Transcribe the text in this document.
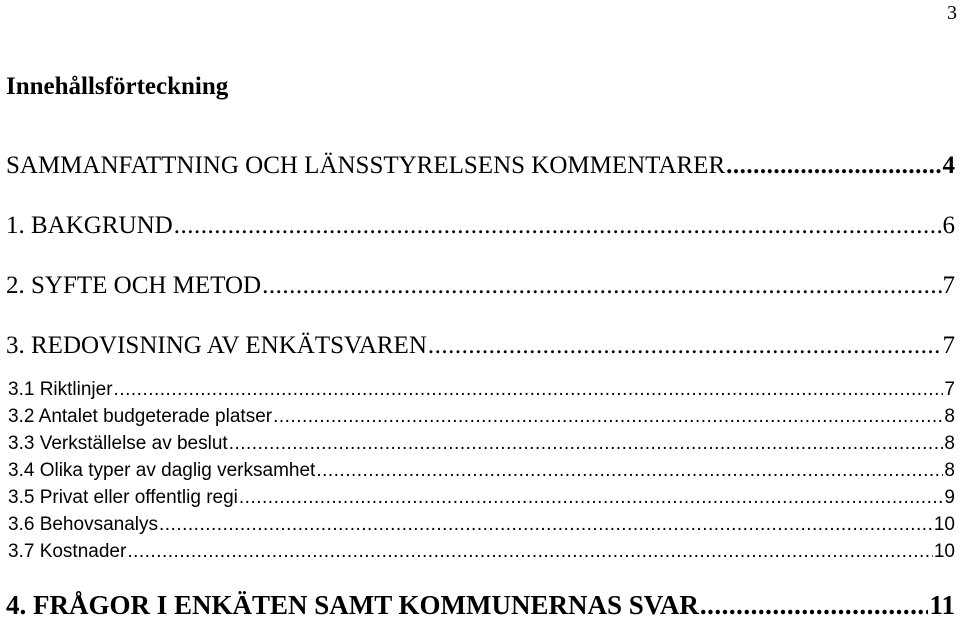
3
Innehållsförteckning
SAMMANFATTNING OCH LÄNSSTYRELSENS KOMMENTARER .....	4
1. BAKGRUND .....	6
2. SYFTE OCH METOD .....	7
3. REDOVISNING AV ENKÄTSVAREN .....	7
3.1 Riktlinjer .....	7
3.2 Antalet budgeterade platser .....	8
3.3 Verkställelse av beslut .....	8
3.4 Olika typer av daglig verksamhet .....	8
3.5 Privat eller offentlig regi .....	9
3.6 Behovsanalys .....	10
3.7 Kostnader .....	10
4. FRÅGOR I ENKÄTEN SAMT KOMMUNERNAS SVAR .....	11
